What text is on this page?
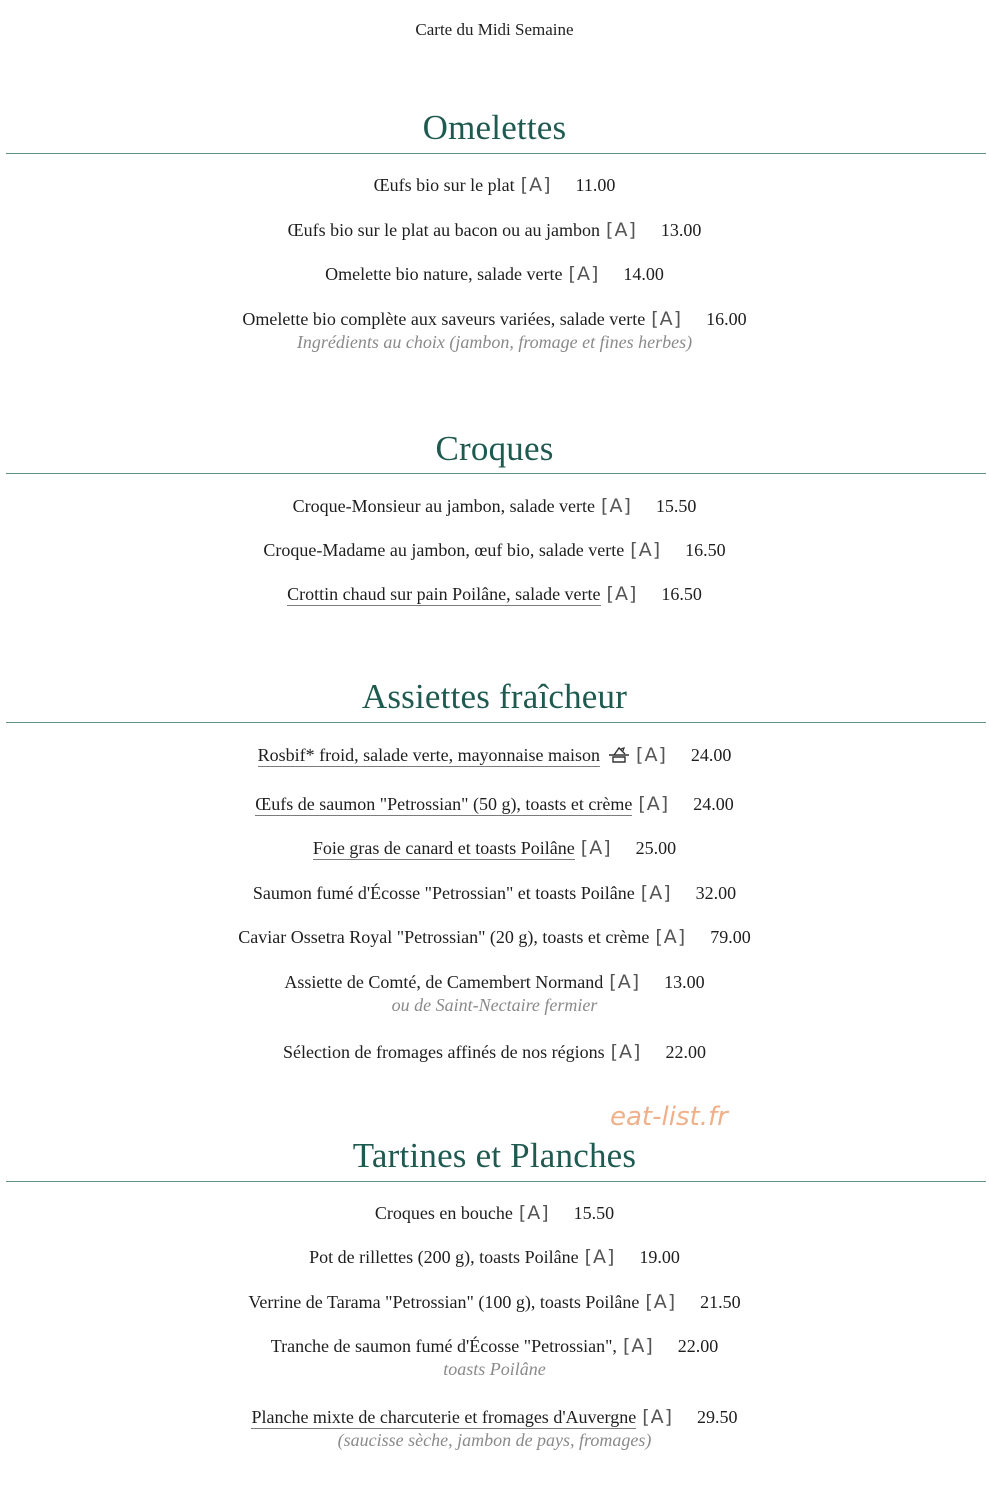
Carte du Midi Semaine
Omelettes
Œufs bio sur le plat [A] 11.00
Œufs bio sur le plat au bacon ou au jambon [A] 13.00
Omelette bio nature, salade verte [A] 14.00
Omelette bio complète aux saveurs variées, salade verte [A] 16.00
Ingrédients au choix (jambon, fromage et fines herbes)
Croques
Croque-Monsieur au jambon, salade verte [A] 15.50
Croque-Madame au jambon, œuf bio, salade verte [A] 16.50
Crottin chaud sur pain Poilâne, salade verte [A] 16.50
Assiettes fraîcheur
Rosbif* froid, salade verte, mayonnaise maison [A] 24.00
Œufs de saumon "Petrossian" (50 g), toasts et crème [A] 24.00
Foie gras de canard et toasts Poilâne [A] 25.00
Saumon fumé d'Écosse "Petrossian" et toasts Poilâne [A] 32.00
Caviar Ossetra Royal "Petrossian" (20 g), toasts et crème [A] 79.00
Assiette de Comté, de Camembert Normand [A] 13.00
ou de Saint-Nectaire fermier
Sélection de fromages affinés de nos régions [A] 22.00
eat-list.fr
Tartines et Planches
Croques en bouche [A] 15.50
Pot de rillettes (200 g), toasts Poilâne [A] 19.00
Verrine de Tarama "Petrossian" (100 g), toasts Poilâne [A] 21.50
Tranche de saumon fumé d'Écosse "Petrossian", [A] 22.00
toasts Poilâne
Planche mixte de charcuterie et fromages d'Auvergne [A] 29.50
(saucisse sèche, jambon de pays, fromages)
